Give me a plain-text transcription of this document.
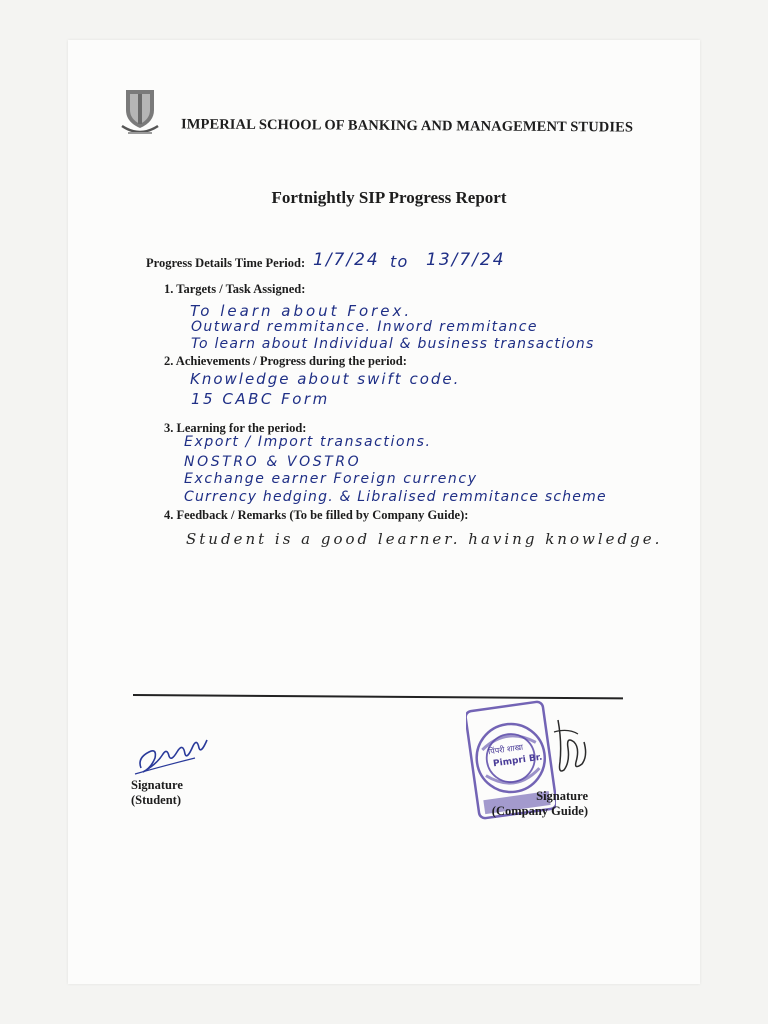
IMPERIAL SCHOOL OF BANKING AND MANAGEMENT STUDIES
Fortnightly SIP Progress Report
Progress Details Time Period: 1/7/24 to 13/7/24
1. Targets / Task Assigned:
To learn about Forex.
Outward remmitance. Inword remmitance
To learn about Individual & business transactions
2. Achievements / Progress during the period:
Knowledge about swift code.
15 CABC Form
3. Learning for the period:
Export / Import transactions.
NOSTRO & VOSTRO
Exchange earner Foreign currency
Currency hedging. & Libralised remmitance scheme
4. Feedback / Remarks (To be filled by Company Guide):
Student is a good learner. having knowledge.
Signature
(Student)
पिंपरी शाखा
Pimpri Br.
Signature
(Company Guide)
